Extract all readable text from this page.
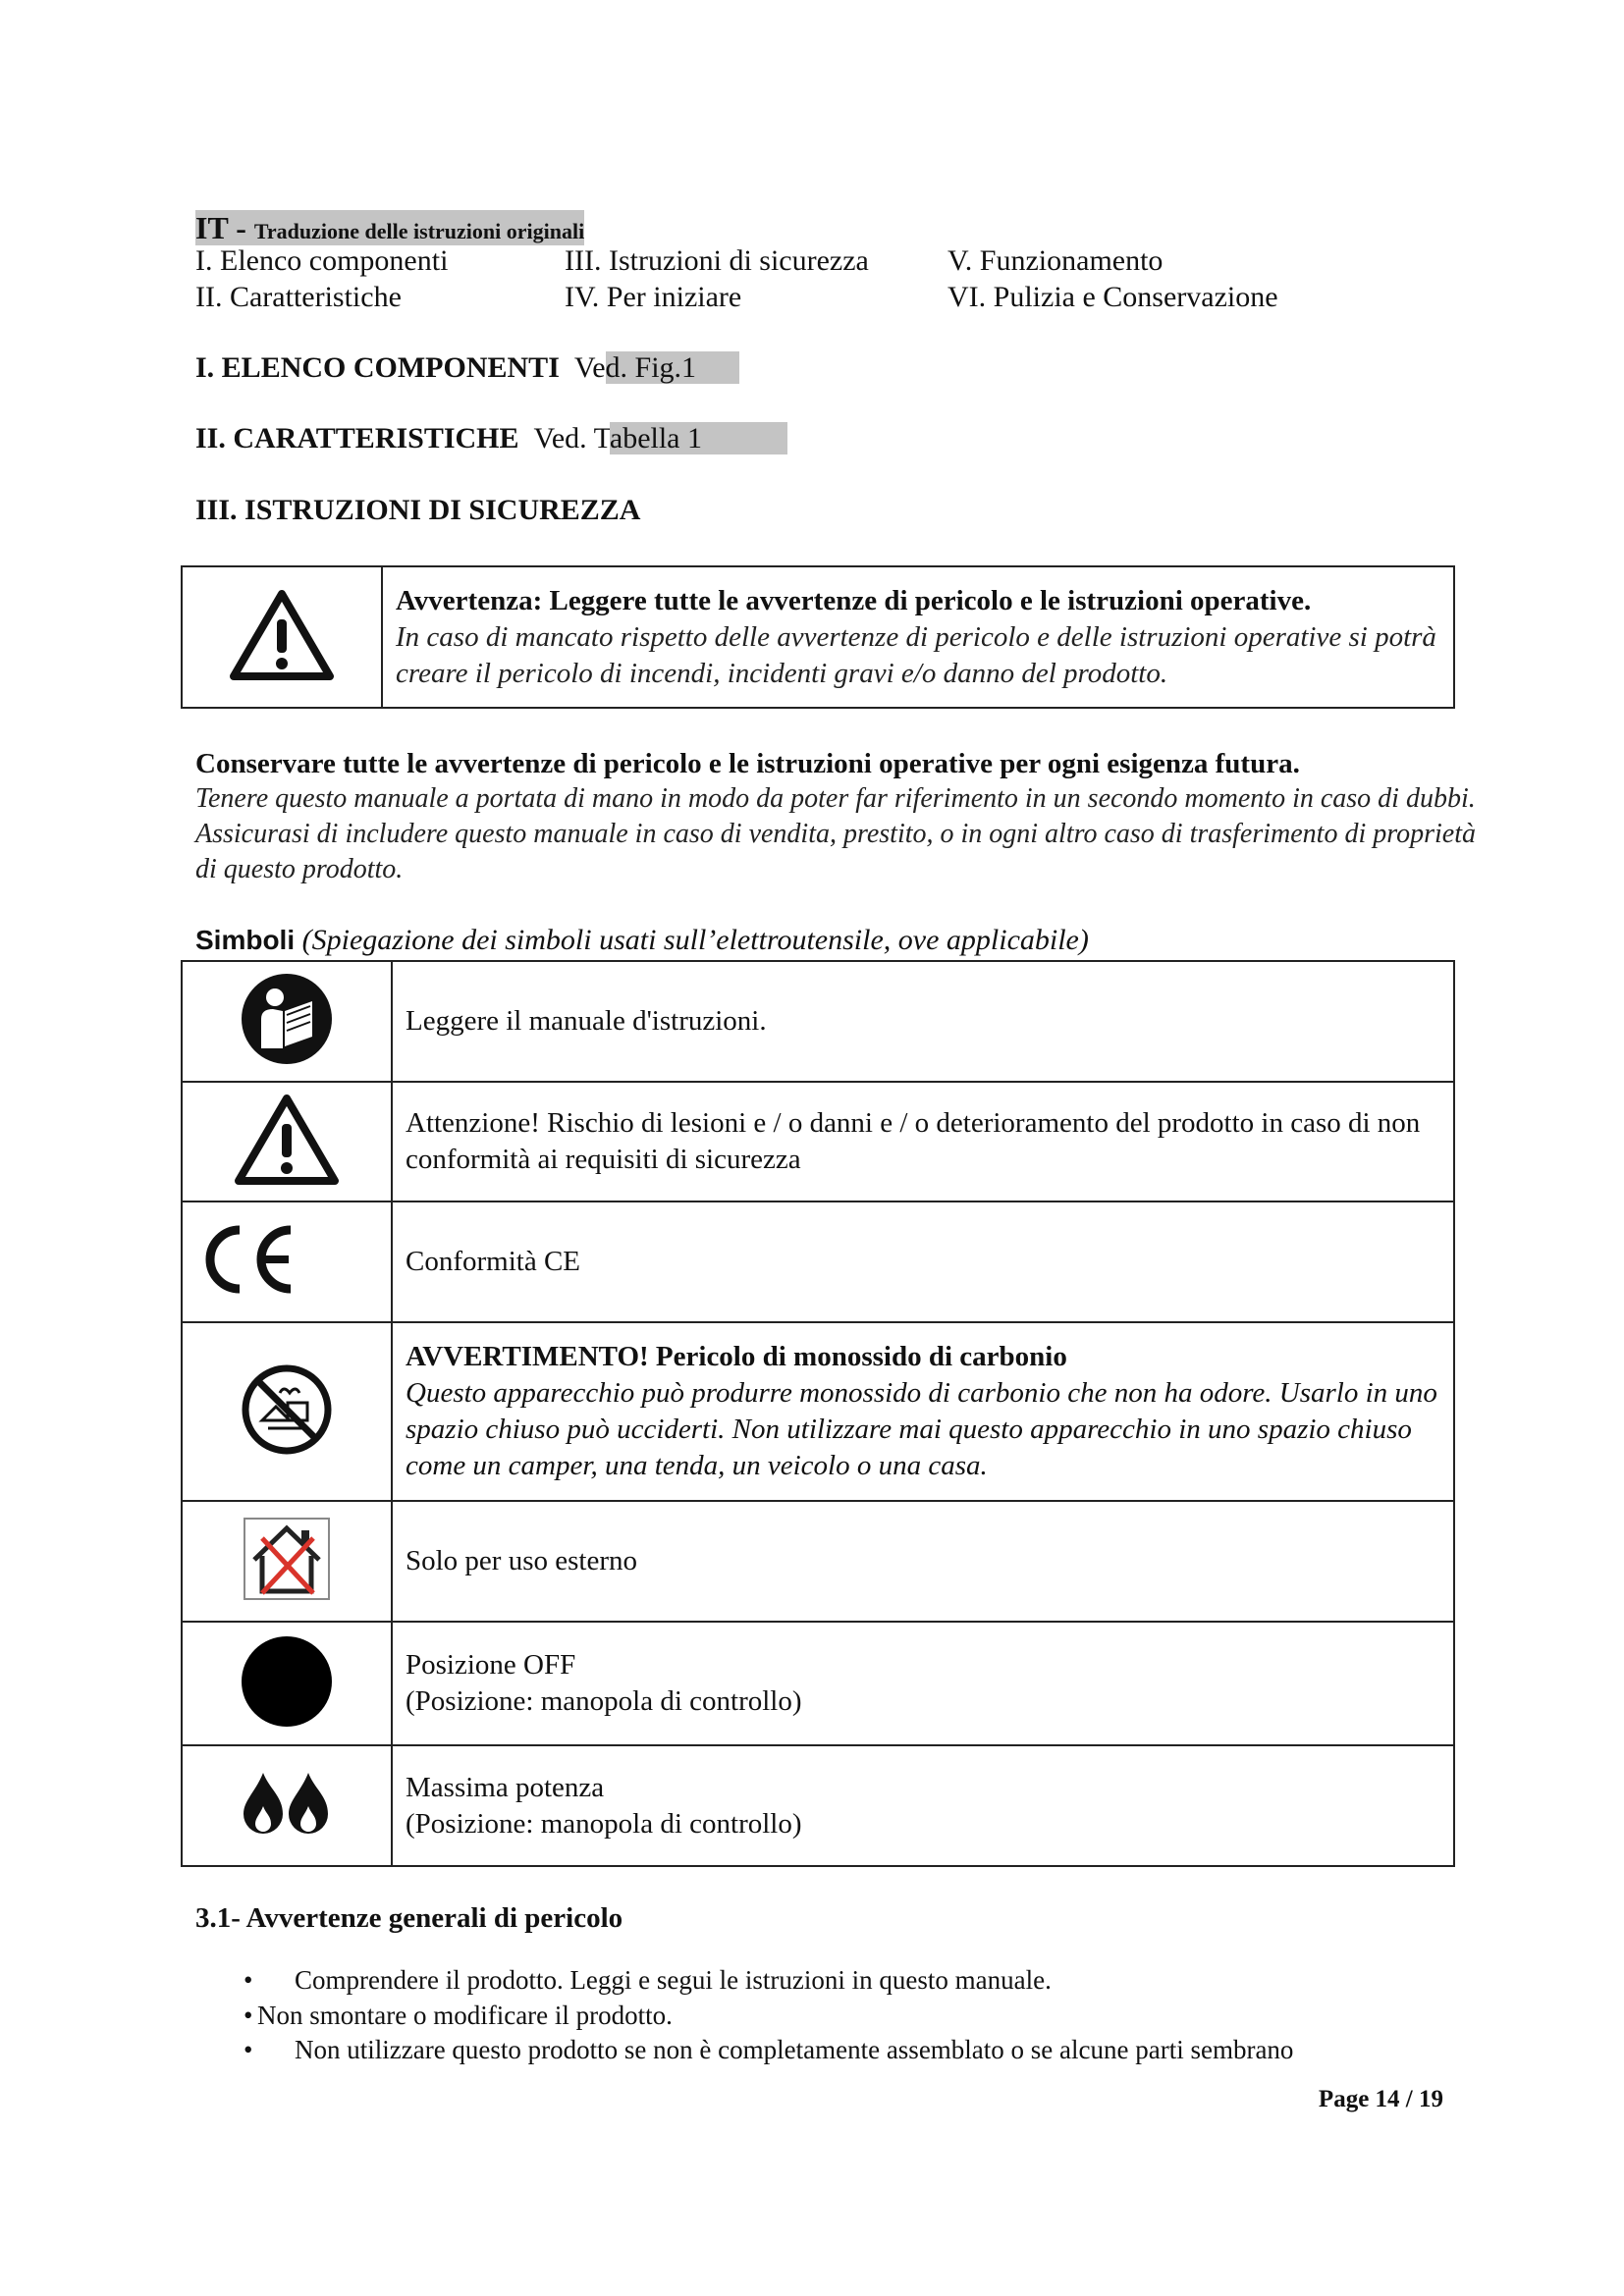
IT - Traduzione delle istruzioni originali
I. Elenco componenti	III. Istruzioni di sicurezza	V. Funzionamento
II. Caratteristiche	IV. Per iniziare	VI. Pulizia e Conservazione
I. ELENCO COMPONENTI Ved. Fig.1
II. CARATTERISTICHE Ved. Tabella 1
III. ISTRUZIONI DI SICUREZZA

Avvertenza: Leggere tutte le avvertenze di pericolo e le istruzioni operative.
In caso di mancato rispetto delle avvertenze di pericolo e delle istruzioni operative si potrà creare il pericolo di incendi, incidenti gravi e/o danno del prodotto.
Conservare tutte le avvertenze di pericolo e le istruzioni operative per ogni esigenza futura.
Tenere questo manuale a portata di mano in modo da poter far riferimento in un secondo momento in caso di dubbi. Assicurasi di includere questo manuale in caso di vendita, prestito, o in ogni altro caso di trasferimento di proprietà di questo prodotto.
Simboli (Spiegazione dei simboli usati sull’elettroutensile, ove applicabile)
	Leggere il manuale d'istruzioni.
	Attenzione! Rischio di lesioni e / o danni e / o deterioramento del prodotto in caso di non conformità ai requisiti di sicurezza
	Conformità CE

AVVERTIMENTO! Pericolo di monossido di carbonio
Questo apparecchio può produrre monossido di carbonio che non ha odore. Usarlo in uno spazio chiuso può ucciderti. Non utilizzare mai questo apparecchio in uno spazio chiuso come un camper, una tenda, un veicolo o una casa.

	Solo per uso esterno

Posizione OFF
(Posizione: manopola di controllo)

Massima potenza
(Posizione: manopola di controllo)
3.1- Avvertenze generali di pericolo
• Comprendere il prodotto. Leggi e segui le istruzioni in questo manuale.
• Non smontare o modificare il prodotto.
• Non utilizzare questo prodotto se non è completamente assemblato o se alcune parti sembrano
Page 14 / 19
